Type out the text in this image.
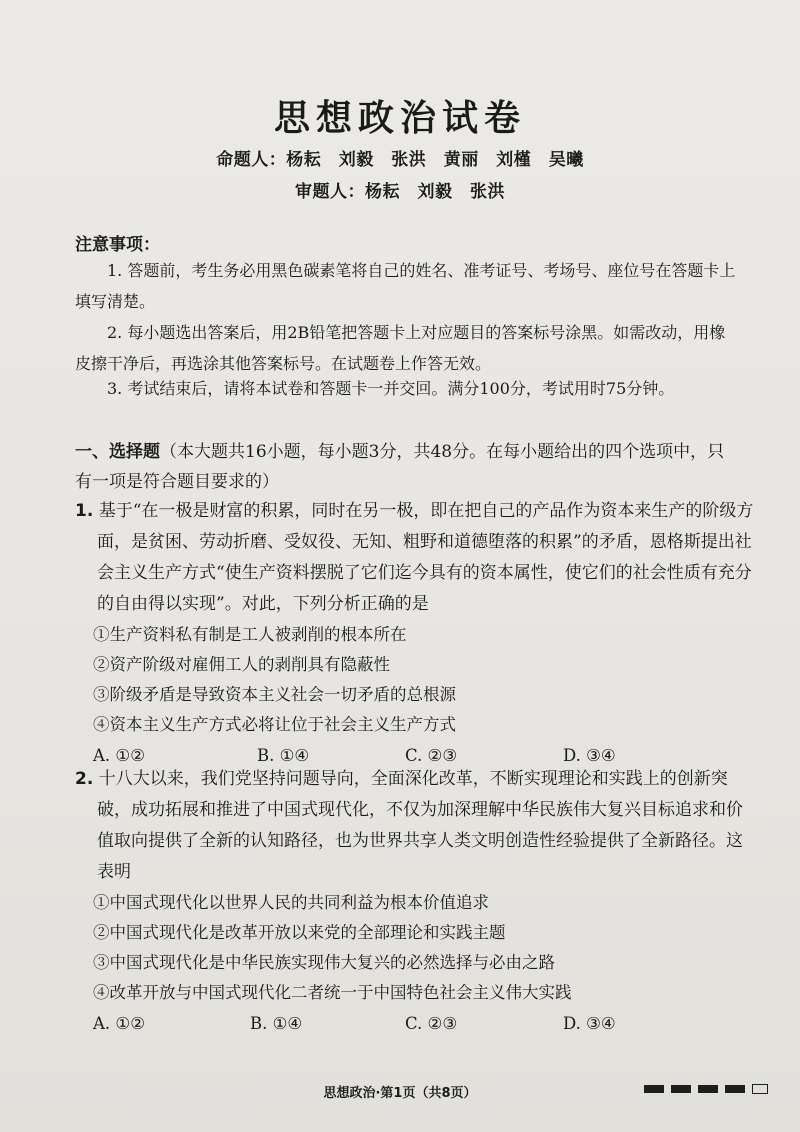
思想政治试卷
命题人：杨耘　刘毅　张洪　黄丽　刘槿　吴曦
审题人：杨耘　刘毅　张洪
注意事项：
1. 答题前，考生务必用黑色碳素笔将自己的姓名、准考证号、考场号、座位号在答题卡上填写清楚。
2. 每小题选出答案后，用2B铅笔把答题卡上对应题目的答案标号涂黑。如需改动，用橡皮擦干净后，再选涂其他答案标号。在试题卷上作答无效。
3. 考试结束后，请将本试卷和答题卡一并交回。满分100分，考试用时75分钟。
一、选择题（本大题共16小题，每小题3分，共48分。在每小题给出的四个选项中，只有一项是符合题目要求的）
1. 基于“在一极是财富的积累，同时在另一极，即在把自己的产品作为资本来生产的阶级方面，是贫困、劳动折磨、受奴役、无知、粗野和道德堕落的积累”的矛盾，恩格斯提出社会主义生产方式“使生产资料摆脱了它们迄今具有的资本属性，使它们的社会性质有充分的自由得以实现”。对此，下列分析正确的是
①生产资料私有制是工人被剥削的根本所在
②资产阶级对雇佣工人的剥削具有隐蔽性
③阶级矛盾是导致资本主义社会一切矛盾的总根源
④资本主义生产方式必将让位于社会主义生产方式
A. ①②	B. ①④	C. ②③	D. ③④
2. 十八大以来，我们党坚持问题导向，全面深化改革，不断实现理论和实践上的创新突破，成功拓展和推进了中国式现代化，不仅为加深理解中华民族伟大复兴目标追求和价值取向提供了全新的认知路径，也为世界共享人类文明创造性经验提供了全新路径。这表明
①中国式现代化以世界人民的共同利益为根本价值追求
②中国式现代化是改革开放以来党的全部理论和实践主题
③中国式现代化是中华民族实现伟大复兴的必然选择与必由之路
④改革开放与中国式现代化二者统一于中国特色社会主义伟大实践
A. ①②	B. ①④	C. ②③	D. ③④
思想政治·第1页（共8页）
